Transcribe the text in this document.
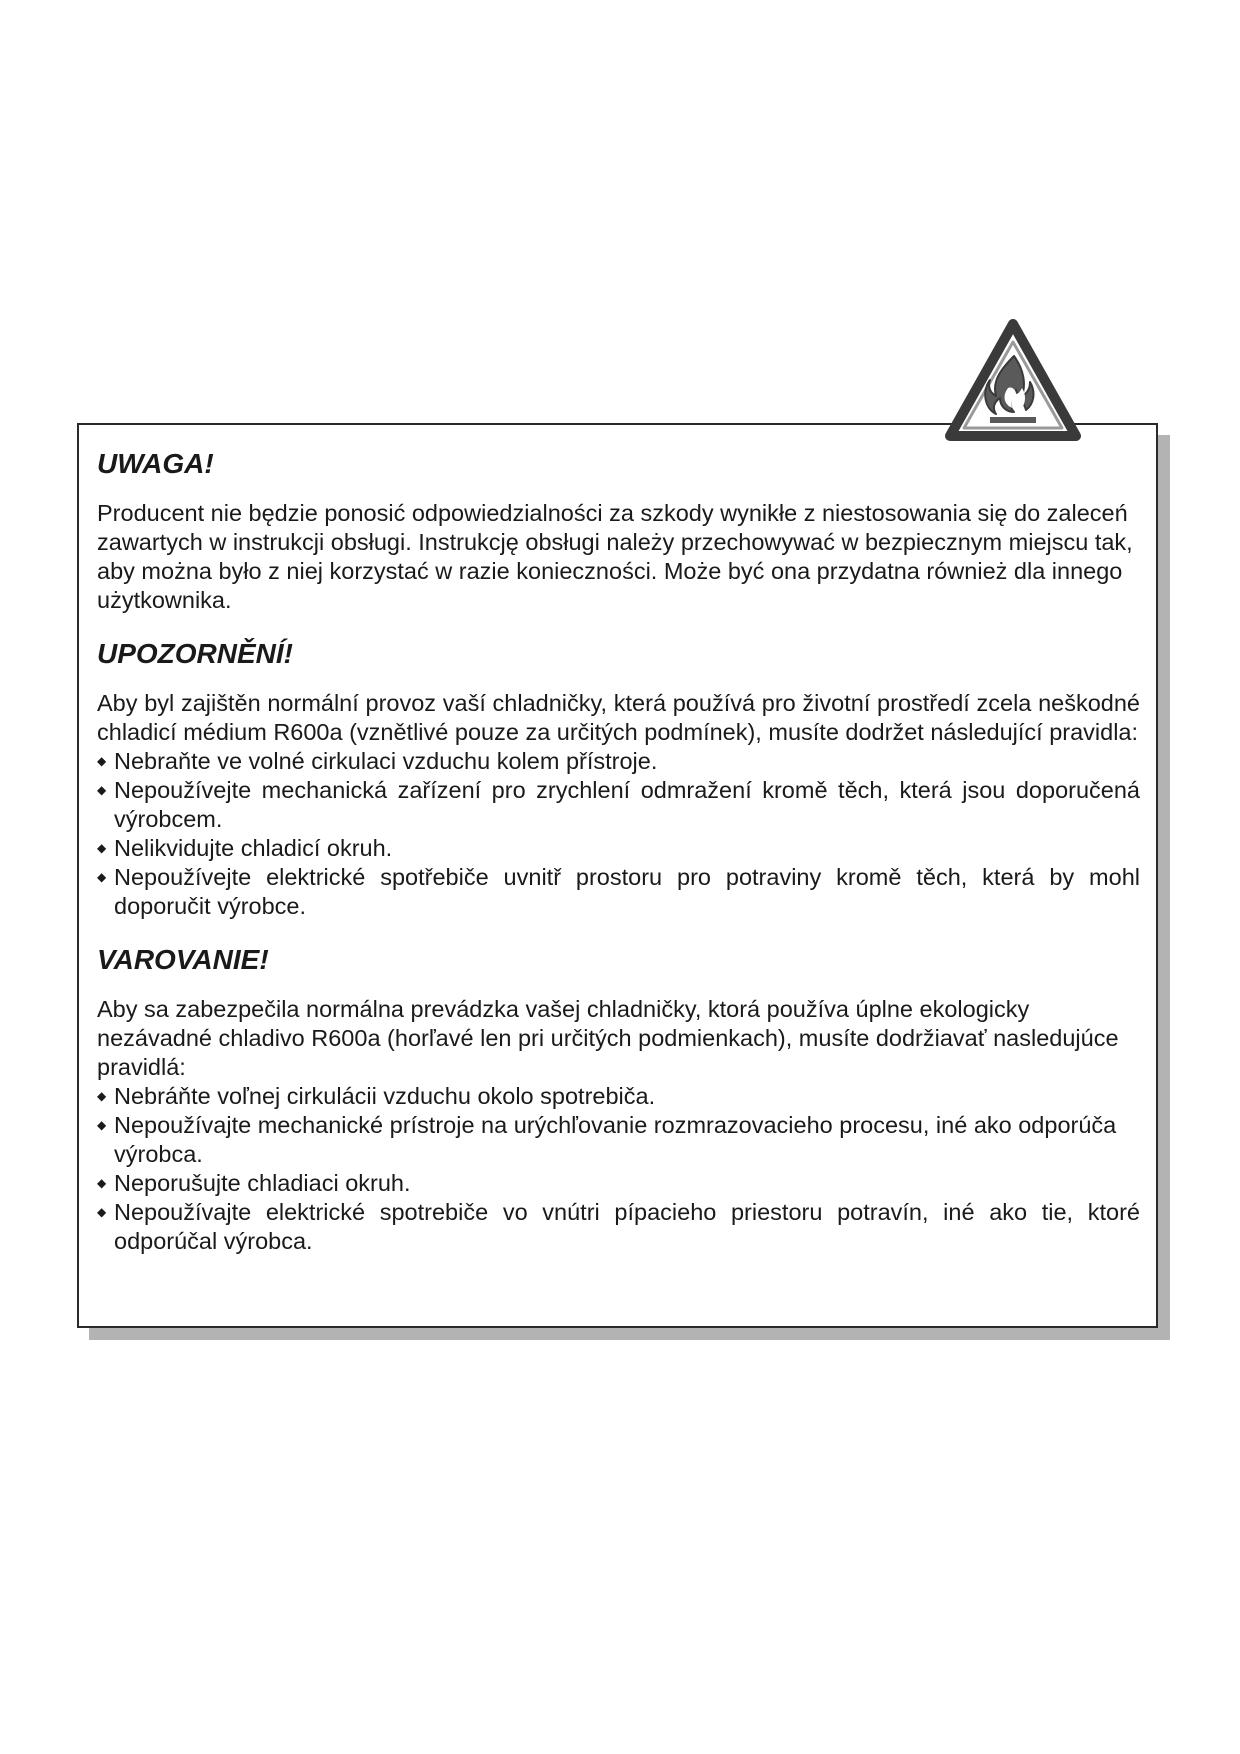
UWAGA!

Producent nie będzie ponosić odpowiedzialności za szkody wynikłe z niestosowania się do zaleceń zawartych w instrukcji obsługi. Instrukcję obsługi należy przechowywać w bezpiecznym miejscu tak, aby można było z niej korzystać w razie konieczności. Może być ona przydatna również dla innego użytkownika.

UPOZORNĚNÍ!

Aby byl zajištěn normální provoz vaší chladničky, která používá pro životní prostředí zcela neškodné chladicí médium R600a (vznětlivé pouze za určitých podmínek), musíte dodržet následující pravidla:

◆ Nebraňte ve volné cirkulaci vzduchu kolem přístroje.
◆ Nepoužívejte mechanická zařízení pro zrychlení odmražení kromě těch, která jsou doporučená výrobcem.
◆ Nelikvidujte chladicí okruh.
◆ Nepoužívejte elektrické spotřebiče uvnitř prostoru pro potraviny kromě těch, která by mohl doporučit výrobce.
VAROVANIE!

Aby sa zabezpečila normálna prevádzka vašej chladničky, ktorá používa úplne ekologicky nezávadné chladivo R600a (horľavé len pri určitých podmienkach), musíte dodržiavať nasledujúce pravidlá:

◆ Nebráňte voľnej cirkulácii vzduchu okolo spotrebiča.
◆ Nepoužívajte mechanické prístroje na urýchľovanie rozmrazovacieho procesu, iné ako odporúča výrobca.
◆ Neporušujte chladiaci okruh.
◆ Nepoužívajte elektrické spotrebiče vo vnútri pípacieho priestoru potravín, iné ako tie, ktoré odporúčal výrobca.
